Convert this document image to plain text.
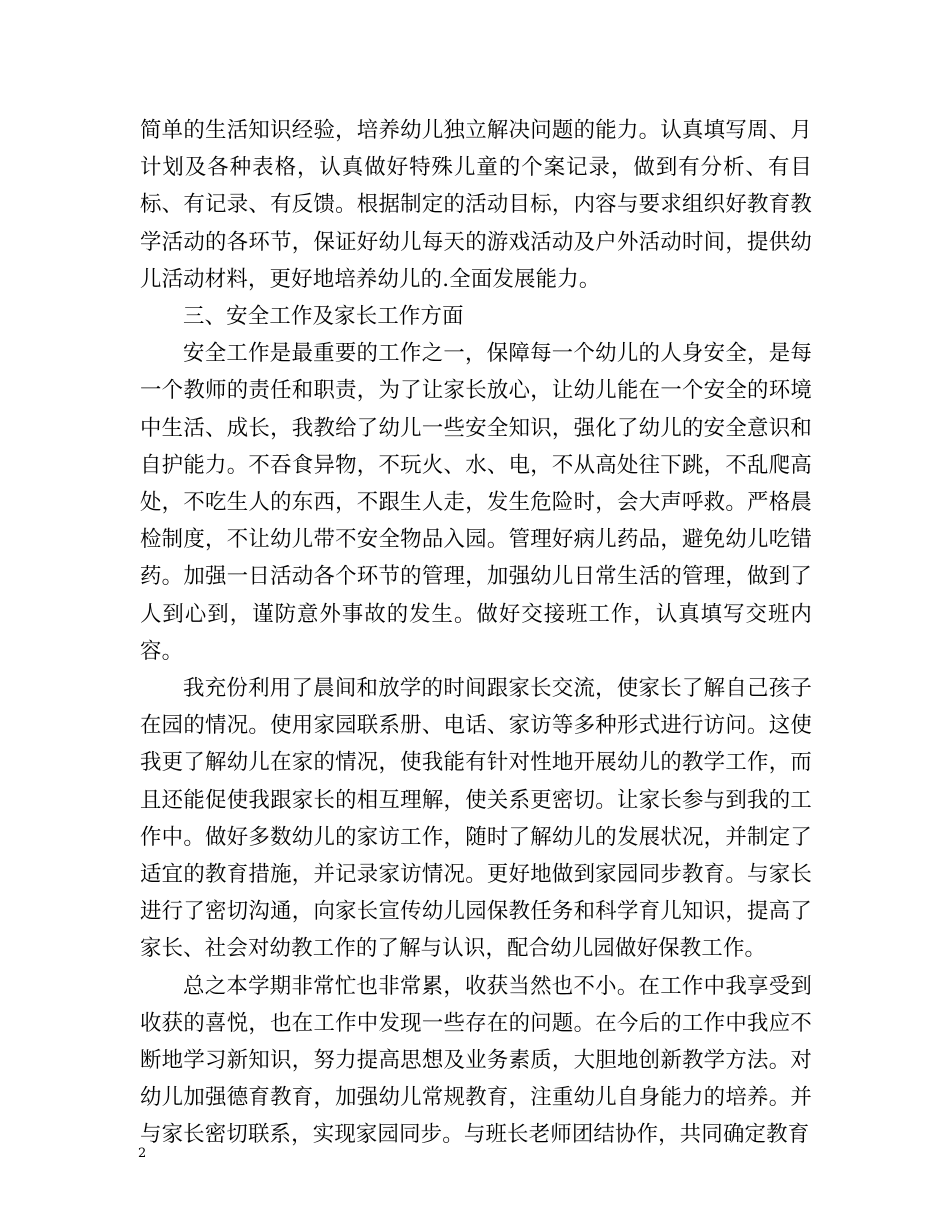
简单的生活知识经验，培养幼儿独立解决问题的能力。认真填写周、月计划及各种表格，认真做好特殊儿童的个案记录，做到有分析、有目标、有记录、有反馈。根据制定的活动目标，内容与要求组织好教育教学活动的各环节，保证好幼儿每天的游戏活动及户外活动时间，提供幼儿活动材料，更好地培养幼儿的.全面发展能力。

三、安全工作及家长工作方面

安全工作是最重要的工作之一，保障每一个幼儿的人身安全，是每一个教师的责任和职责，为了让家长放心，让幼儿能在一个安全的环境中生活、成长，我教给了幼儿一些安全知识，强化了幼儿的安全意识和自护能力。不吞食异物，不玩火、水、电，不从高处往下跳，不乱爬高处，不吃生人的东西，不跟生人走，发生危险时，会大声呼救。严格晨检制度，不让幼儿带不安全物品入园。管理好病儿药品，避免幼儿吃错药。加强一日活动各个环节的管理，加强幼儿日常生活的管理，做到了人到心到，谨防意外事故的发生。做好交接班工作，认真填写交班内容。

我充份利用了晨间和放学的时间跟家长交流，使家长了解自己孩子在园的情况。使用家园联系册、电话、家访等多种形式进行访问。这使我更了解幼儿在家的情况，使我能有针对性地开展幼儿的教学工作，而且还能促使我跟家长的相互理解，使关系更密切。让家长参与到我的工作中。做好多数幼儿的家访工作，随时了解幼儿的发展状况，并制定了适宜的教育措施，并记录家访情况。更好地做到家园同步教育。与家长进行了密切沟通，向家长宣传幼儿园保教任务和科学育儿知识，提高了家长、社会对幼教工作的了解与认识，配合幼儿园做好保教工作。

总之本学期非常忙也非常累，收获当然也不小。在工作中我享受到收获的喜悦，也在工作中发现一些存在的问题。在今后的工作中我应不断地学习新知识，努力提高思想及业务素质，大胆地创新教学方法。对幼儿加强德育教育，加强幼儿常规教育，注重幼儿自身能力的培养。并与家长密切联系，实现家园同步。与班长老师团结协作，共同确定教育

2
